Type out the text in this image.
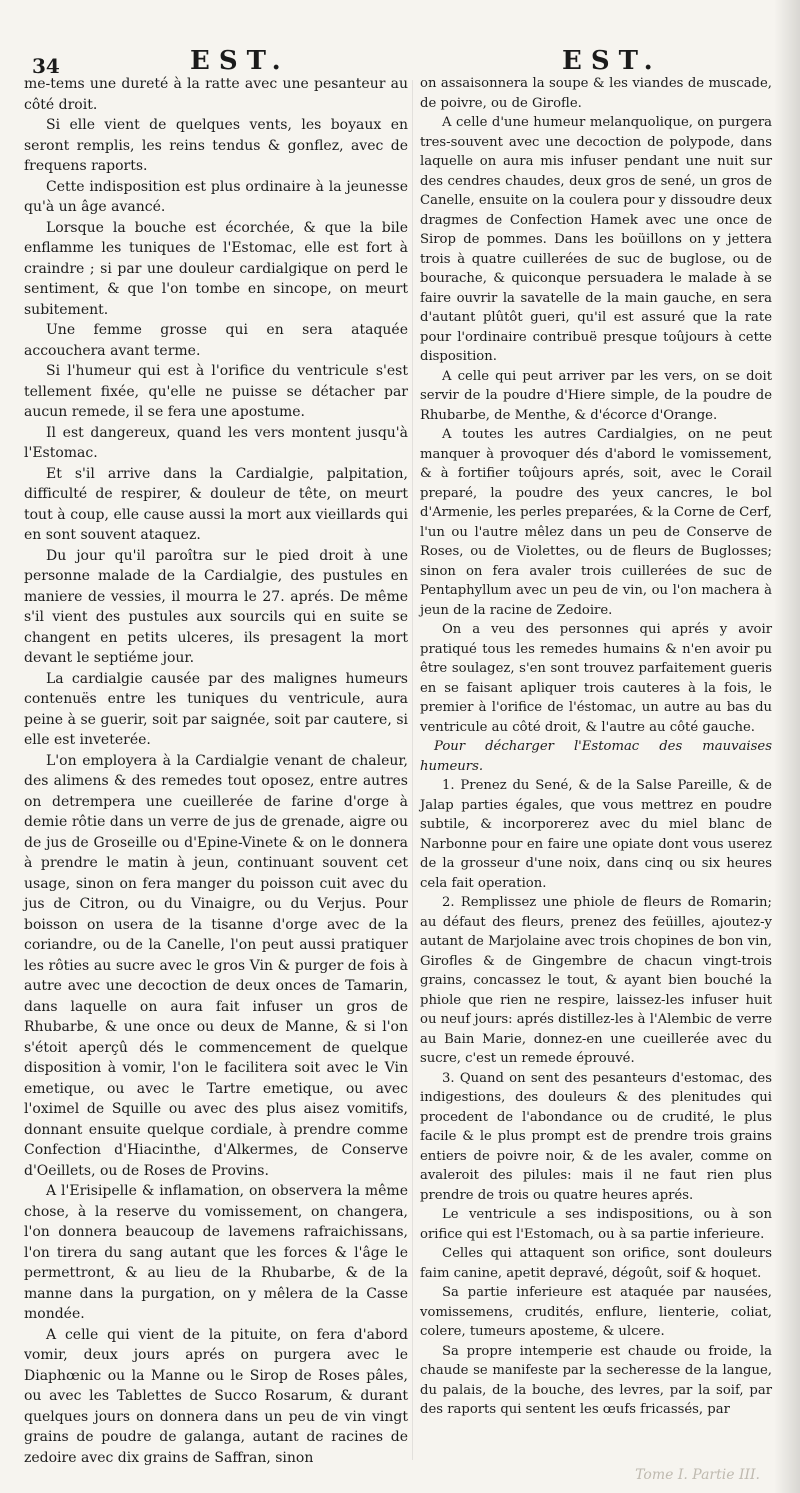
34	EST.	EST.

me-tems une dureté à la ratte avec une pesanteur au côté droit.

Si elle vient de quelques vents, les boyaux en seront remplis, les reins tendus & gonflez, avec de frequens raports.

Cette indisposition est plus ordinaire à la jeunesse qu'à un âge avancé.

Lorsque la bouche est écorchée, & que la bile enflamme les tuniques de l'Estomac, elle est fort à craindre ; si par une douleur cardialgique on perd le sentiment, & que l'on tombe en sincope, on meurt subitement.

Une femme grosse qui en sera ataquée accouchera avant terme.

Si l'humeur qui est à l'orifice du ventricule s'est tellement fixée, qu'elle ne puisse se détacher par aucun remede, il se fera une apostume.

Il est dangereux, quand les vers montent jusqu'à l'Estomac.

Et s'il arrive dans la Cardialgie, palpitation, difficulté de respirer, & douleur de tête, on meurt tout à coup, elle cause aussi la mort aux vieillards qui en sont souvent ataquez.

Du jour qu'il paroîtra sur le pied droit à une personne malade de la Cardialgie, des pustules en maniere de vessies, il mourra le 27. aprés. De même s'il vient des pustules aux sourcils qui en suite se changent en petits ulceres, ils presagent la mort devant le septiéme jour.

La cardialgie causée par des malignes humeurs contenuës entre les tuniques du ventricule, aura peine à se guerir, soit par saignée, soit par cautere, si elle est inveterée.

L'on employera à la Cardialgie venant de chaleur, des alimens & des remedes tout oposez, entre autres on detrempera une cueillerée de farine d'orge à demie rôtie dans un verre de jus de grenade, aigre ou de jus de Groseille ou d'Epine-Vinete & on le donnera à prendre le matin à jeun, continuant souvent cet usage, sinon on fera manger du poisson cuit avec du jus de Citron, ou du Vinaigre, ou du Verjus. Pour boisson on usera de la tisanne d'orge avec de la coriandre, ou de la Canelle, l'on peut aussi pratiquer les rôties au sucre avec le gros Vin & purger de fois à autre avec une decoction de deux onces de Tamarin, dans laquelle on aura fait infuser un gros de Rhubarbe, & une once ou deux de Manne, & si l'on s'étoit aperçû dés le commencement de quelque disposition à vomir, l'on le facilitera soit avec le Vin emetique, ou avec le Tartre emetique, ou avec l'oximel de Squille ou avec des plus aisez vomitifs, donnant ensuite quelque cordiale, à prendre comme Confection d'Hiacinthe, d'Alkermes, de Conserve d'Oeillets, ou de Roses de Provins.

A l'Erisipelle & inflamation, on observera la même chose, à la reserve du vomissement, on changera, l'on donnera beaucoup de lavemens rafraichissans, l'on tirera du sang autant que les forces & l'âge le permettront, & au lieu de la Rhubarbe, & de la manne dans la purgation, on y mêlera de la Casse mondée.

A celle qui vient de la pituite, on fera d'abord vomir, deux jours aprés on purgera avec le Diaphœnic ou la Manne ou le Sirop de Roses pâles, ou avec les Tablettes de Succo Rosarum, & durant quelques jours on donnera dans un peu de vin vingt grains de poudre de galanga, autant de racines de zedoire avec dix grains de Saffran, sinon

on assaisonnera la soupe & les viandes de muscade, de poivre, ou de Girofle.

A celle d'une humeur melanquolique, on purgera tres-souvent avec une decoction de polypode, dans laquelle on aura mis infuser pendant une nuit sur des cendres chaudes, deux gros de sené, un gros de Canelle, ensuite on la coulera pour y dissoudre deux dragmes de Confection Hamek avec une once de Sirop de pommes. Dans les boüillons on y jettera trois à quatre cuillerées de suc de buglose, ou de bourache, & quiconque persuadera le malade à se faire ouvrir la savatelle de la main gauche, en sera d'autant plûtôt gueri, qu'il est assuré que la rate pour l'ordinaire contribuë presque toûjours à cette disposition.

A celle qui peut arriver par les vers, on se doit servir de la poudre d'Hiere simple, de la poudre de Rhubarbe, de Menthe, & d'écorce d'Orange.

A toutes les autres Cardialgies, on ne peut manquer à provoquer dés d'abord le vomissement, & à fortifier toûjours aprés, soit, avec le Corail preparé, la poudre des yeux cancres, le bol d'Armenie, les perles preparées, & la Corne de Cerf, l'un ou l'autre mêlez dans un peu de Conserve de Roses, ou de Violettes, ou de fleurs de Buglosses; sinon on fera avaler trois cuillerées de suc de Pentaphyllum avec un peu de vin, ou l'on machera à jeun de la racine de Zedoire.

On a veu des personnes qui aprés y avoir pratiqué tous les remedes humains & n'en avoir pu être soulagez, s'en sont trouvez parfaitement gueris en se faisant apliquer trois cauteres à la fois, le premier à l'orifice de l'éstomac, un autre au bas du ventricule au côté droit, & l'autre au côté gauche.

Pour décharger l'Estomac des mauvaises humeurs.

1. Prenez du Sené, & de la Salse Pareille, & de Jalap parties égales, que vous mettrez en poudre subtile, & incorporerez avec du miel blanc de Narbonne pour en faire une opiate dont vous userez de la grosseur d'une noix, dans cinq ou six heures cela fait operation.

2. Remplissez une phiole de fleurs de Romarin; au défaut des fleurs, prenez des feüilles, ajoutez-y autant de Marjolaine avec trois chopines de bon vin, Girofles & de Gingembre de chacun vingt-trois grains, concassez le tout, & ayant bien bouché la phiole que rien ne respire, laissez-les infuser huit ou neuf jours: aprés distillez-les à l'Alembic de verre au Bain Marie, donnez-en une cueillerée avec du sucre, c'est un remede éprouvé.

3. Quand on sent des pesanteurs d'estomac, des indigestions, des douleurs & des plenitudes qui procedent de l'abondance ou de crudité, le plus facile & le plus prompt est de prendre trois grains entiers de poivre noir, & de les avaler, comme on avaleroit des pilules: mais il ne faut rien plus prendre de trois ou quatre heures aprés.

Le ventricule a ses indispositions, ou à son orifice qui est l'Estomach, ou à sa partie inferieure.

Celles qui attaquent son orifice, sont douleurs faim canine, apetit depravé, dégoût, soif & hoquet.

Sa partie inferieure est ataquée par nausées, vomissemens, crudités, enflure, lienterie, coliat, colere, tumeurs aposteme, & ulcere.

Sa propre intemperie est chaude ou froide, la chaude se manifeste par la secheresse de la langue, du palais, de la bouche, des levres, par la soif, par des raports qui sentent les œufs fricassés, par

Tome I. Partie III.
